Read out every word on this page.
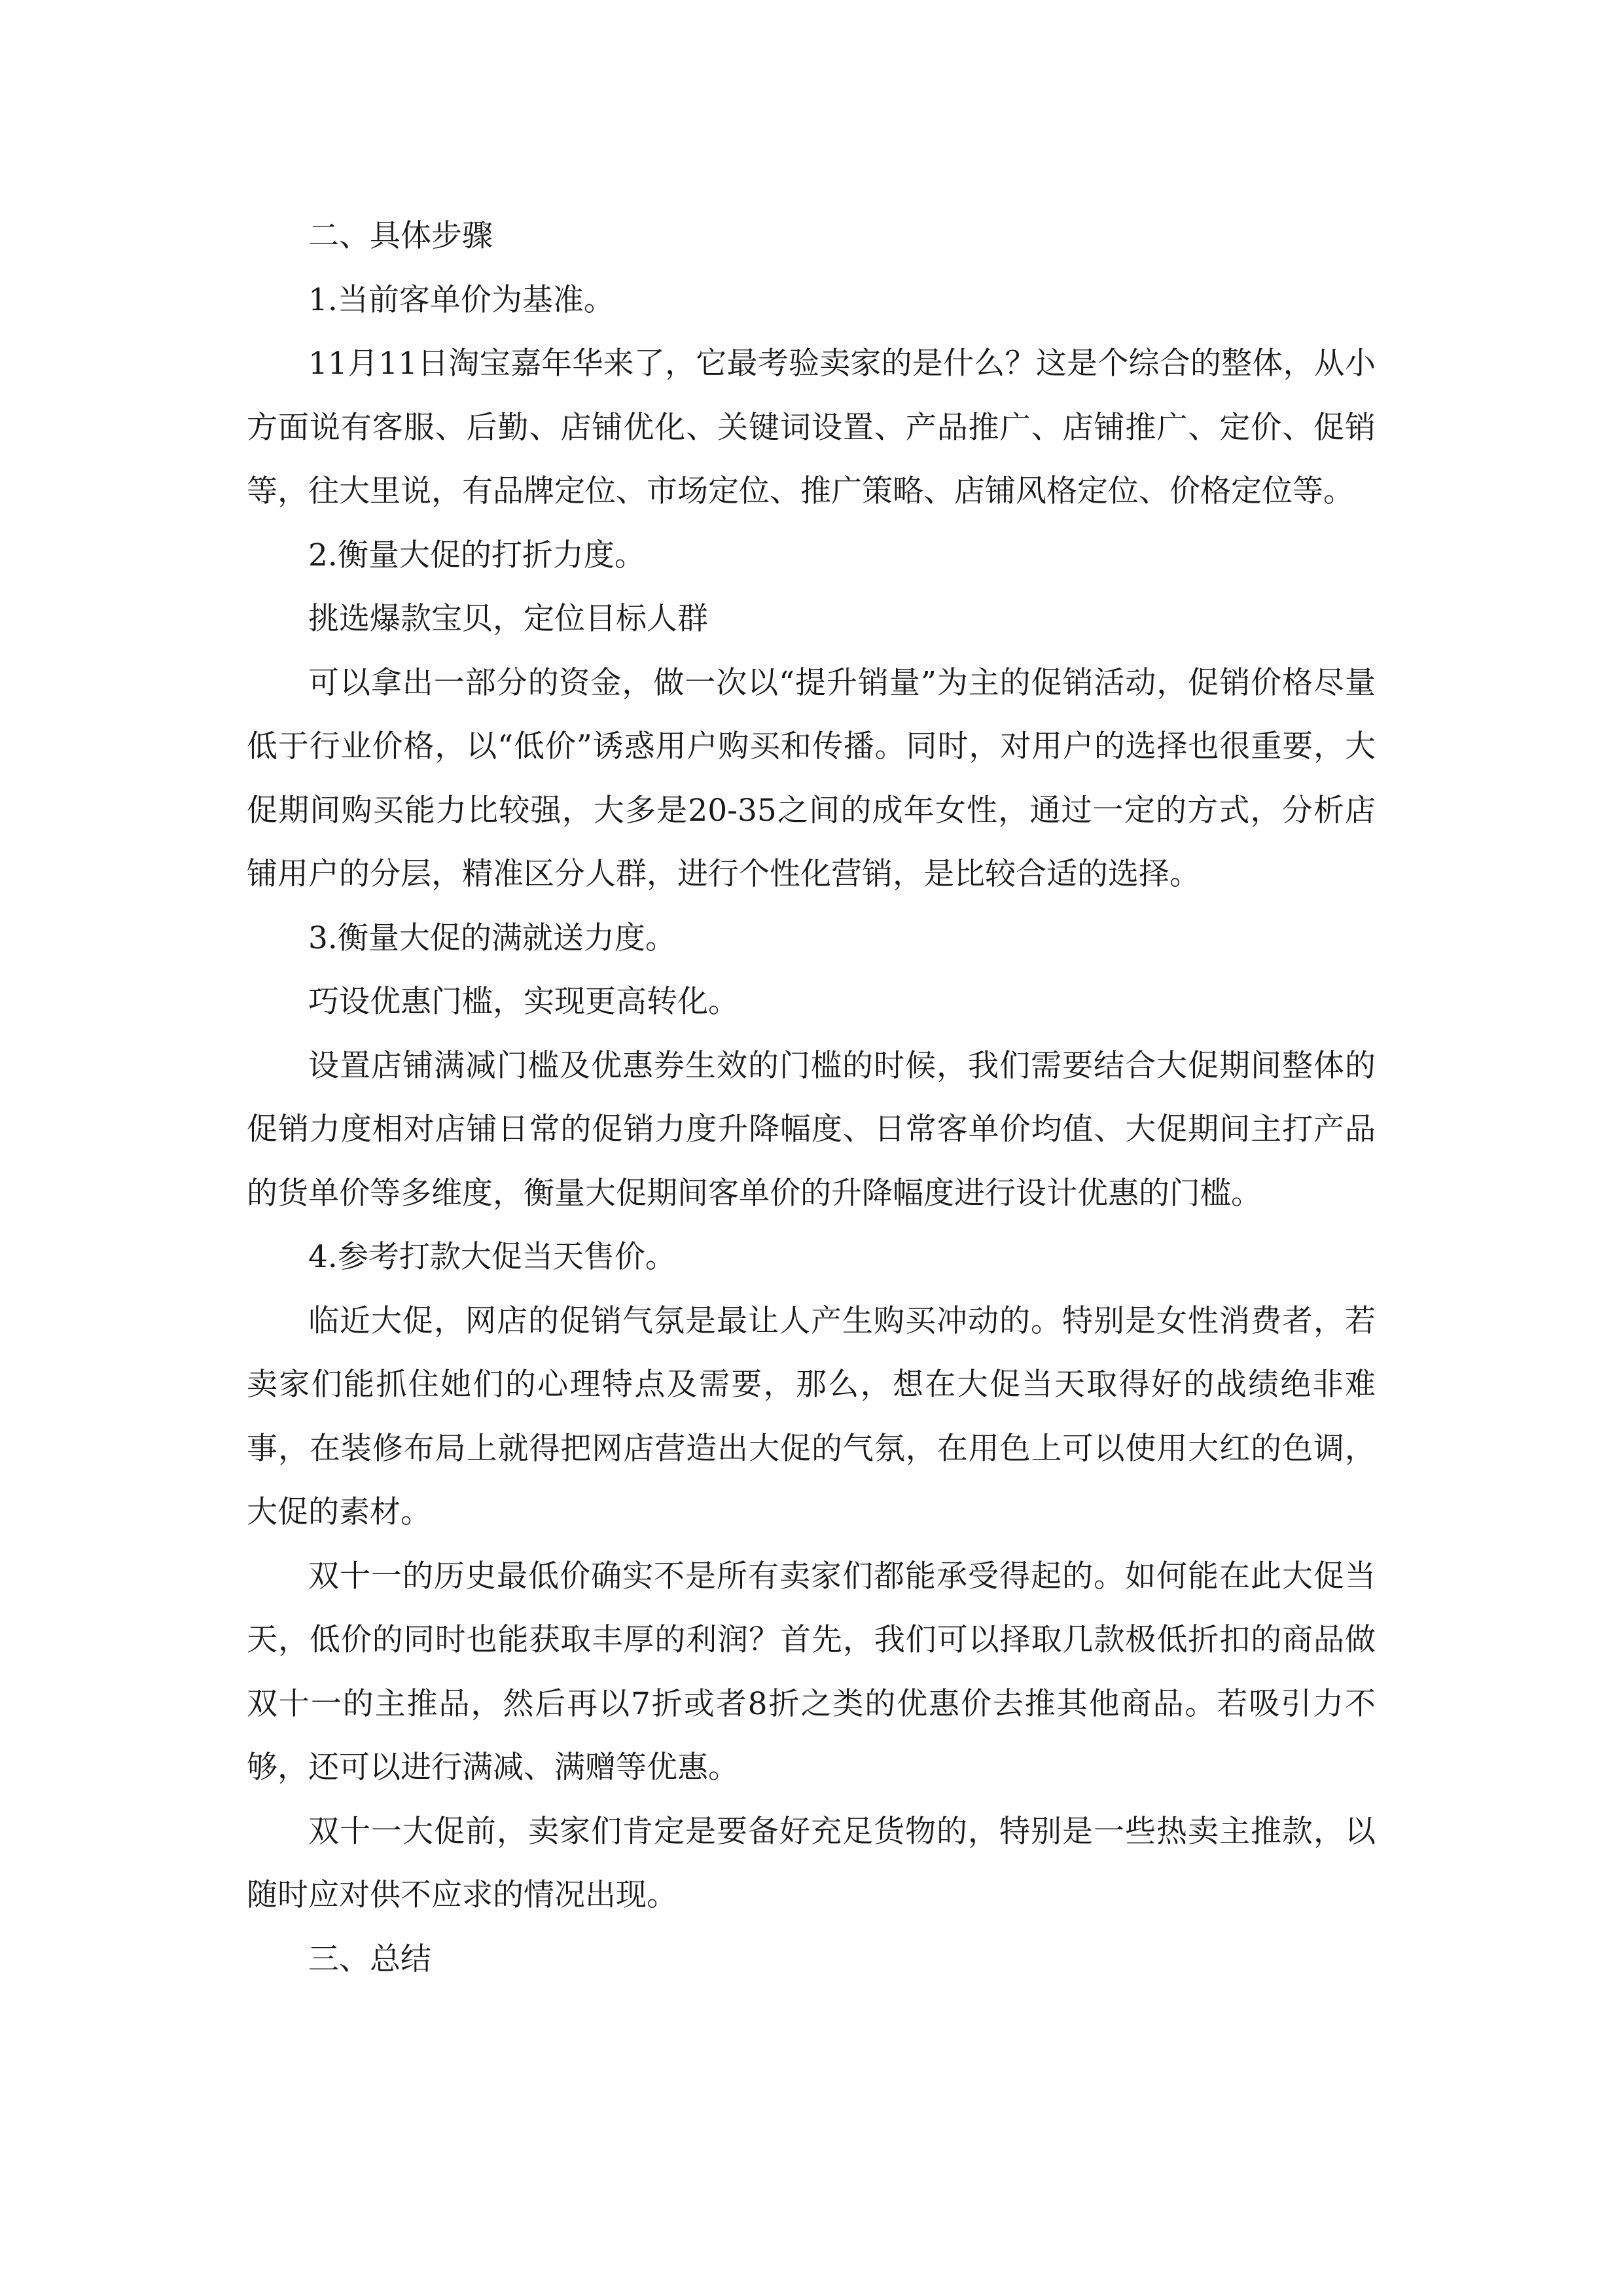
二、具体步骤

1.当前客单价为基准。

11月11日淘宝嘉年华来了，它最考验卖家的是什么？这是个综合的整体，从小方面说有客服、后勤、店铺优化、关键词设置、产品推广、店铺推广、定价、促销等，往大里说，有品牌定位、市场定位、推广策略、店铺风格定位、价格定位等。

2.衡量大促的打折力度。

挑选爆款宝贝，定位目标人群

可以拿出一部分的资金，做一次以“提升销量”为主的促销活动，促销价格尽量低于行业价格，以“低价”诱惑用户购买和传播。同时，对用户的选择也很重要，大促期间购买能力比较强，大多是20-35之间的成年女性，通过一定的方式，分析店铺用户的分层，精准区分人群，进行个性化营销，是比较合适的选择。

3.衡量大促的满就送力度。

巧设优惠门槛，实现更高转化。

设置店铺满减门槛及优惠券生效的门槛的时候，我们需要结合大促期间整体的促销力度相对店铺日常的促销力度升降幅度、日常客单价均值、大促期间主打产品的货单价等多维度，衡量大促期间客单价的升降幅度进行设计优惠的门槛。

4.参考打款大促当天售价。

临近大促，网店的促销气氛是最让人产生购买冲动的。特别是女性消费者，若卖家们能抓住她们的心理特点及需要，那么，想在大促当天取得好的战绩绝非难事，在装修布局上就得把网店营造出大促的气氛，在用色上可以使用大红的色调，大促的素材。

双十一的历史最低价确实不是所有卖家们都能承受得起的。如何能在此大促当天，低价的同时也能获取丰厚的利润？首先，我们可以择取几款极低折扣的商品做双十一的主推品，然后再以7折或者8折之类的优惠价去推其他商品。若吸引力不够，还可以进行满减、满赠等优惠。

双十一大促前，卖家们肯定是要备好充足货物的，特别是一些热卖主推款，以随时应对供不应求的情况出现。

三、总结
